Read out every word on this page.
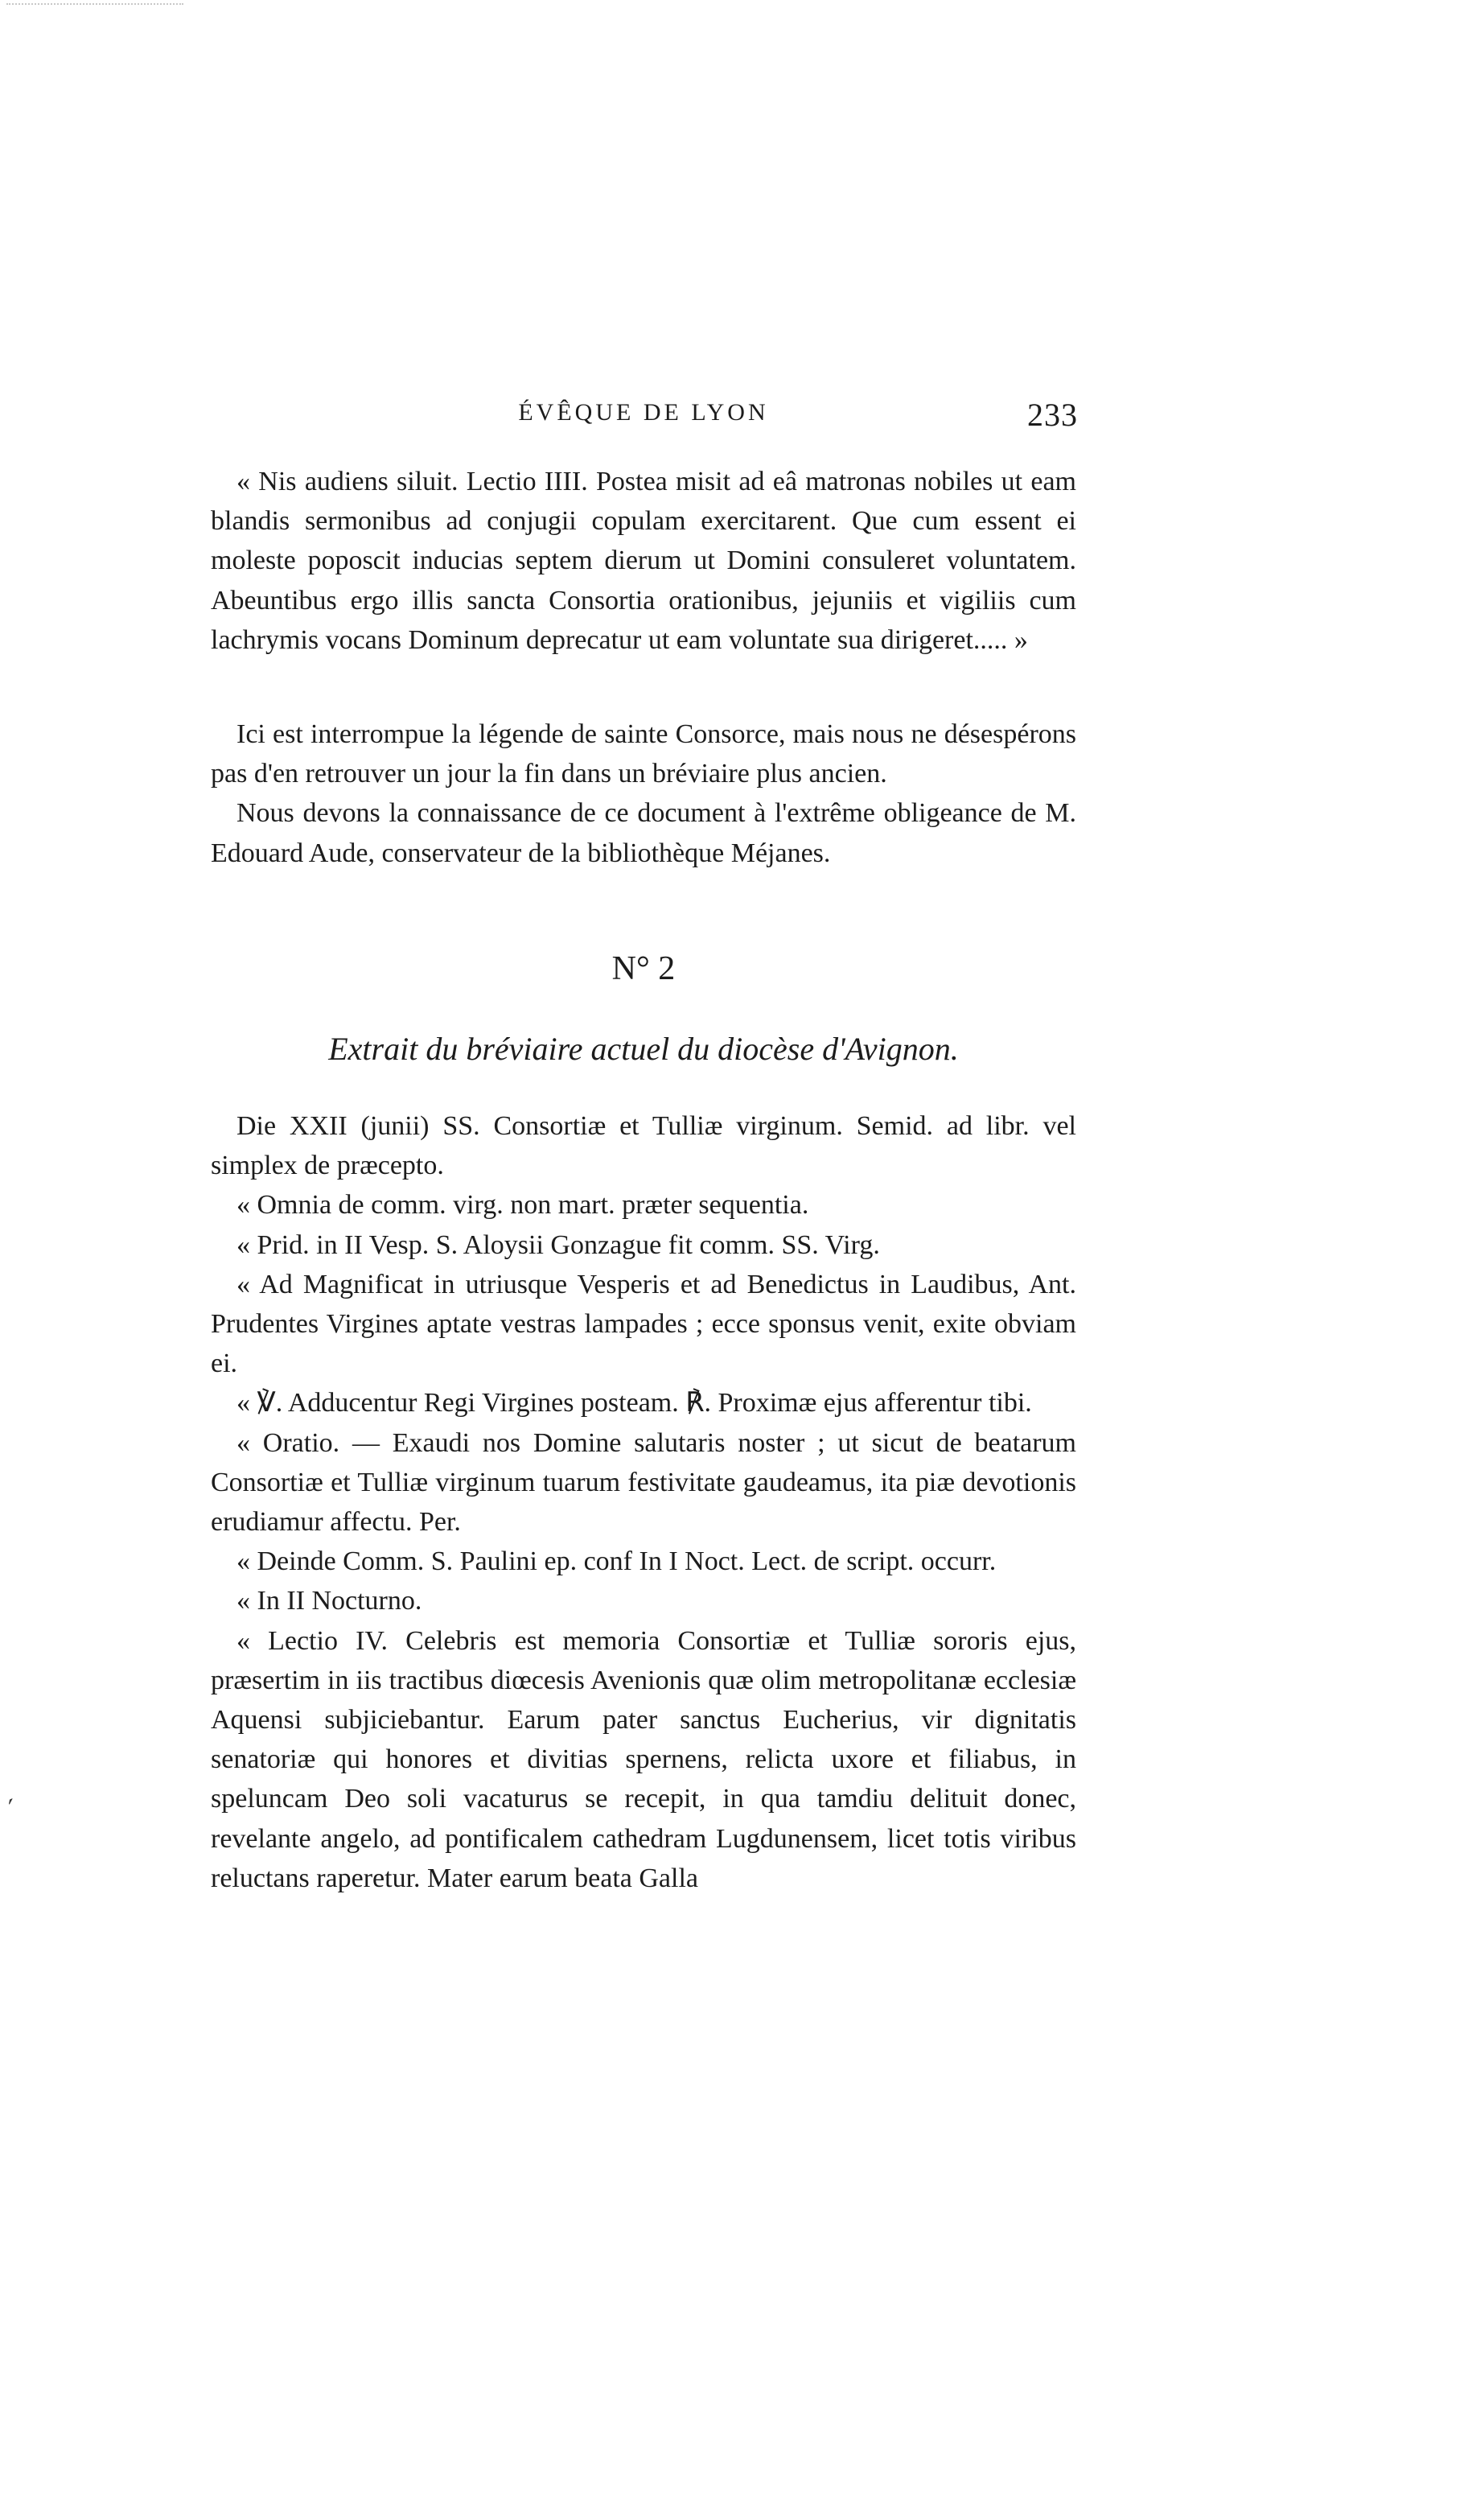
ÉVÊQUE DE LYON	233

« Nis audiens siluit. Lectio IIII. Postea misit ad eâ matronas nobiles ut eam blandis sermonibus ad conjugii copulam exercitarent. Que cum essent ei moleste poposcit inducias septem dierum ut Domini consuleret voluntatem. Abeuntibus ergo illis sancta Consortia orationibus, jejuniis et vigiliis cum lachrymis vocans Dominum deprecatur ut eam voluntate sua dirigeret..... »

Ici est interrompue la légende de sainte Consorce, mais nous ne désespérons pas d'en retrouver un jour la fin dans un bréviaire plus ancien.

Nous devons la connaissance de ce document à l'extrême obligeance de M. Edouard Aude, conservateur de la bibliothèque Méjanes.

N° 2
Extrait du bréviaire actuel du diocèse d'Avignon.

Die XXII (junii) SS. Consortiæ et Tulliæ virginum. Semid. ad libr. vel simplex de præcepto.

« Omnia de comm. virg. non mart. præter sequentia.

« Prid. in II Vesp. S. Aloysii Gonzague fit comm. SS. Virg.

« Ad Magnificat in utriusque Vesperis et ad Benedictus in Laudibus, Ant. Prudentes Virgines aptate vestras lampades ; ecce sponsus venit, exite obviam ei.

« ℣. Adducentur Regi Virgines posteam. ℟. Proximæ ejus afferentur tibi.

« Oratio. — Exaudi nos Domine salutaris noster ; ut sicut de beatarum Consortiæ et Tulliæ virginum tuarum festivitate gaudeamus, ita piæ devotionis erudiamur affectu. Per.

« Deinde Comm. S. Paulini ep. conf In I Noct. Lect. de script. occurr.

« In II Nocturno.

« Lectio IV. Celebris est memoria Consortiæ et Tulliæ sororis ejus, præsertim in iis tractibus diœcesis Avenionis quæ olim metropolitanæ ecclesiæ Aquensi subjiciebantur. Earum pater sanctus Eucherius, vir dignitatis senatoriæ qui honores et divitias spernens, relicta uxore et filiabus, in speluncam Deo soli vacaturus se recepit, in qua tamdiu delituit donec, revelante angelo, ad pontificalem cathedram Lugdunensem, licet totis viribus reluctans raperetur. Mater earum beata Galla

ˊ
